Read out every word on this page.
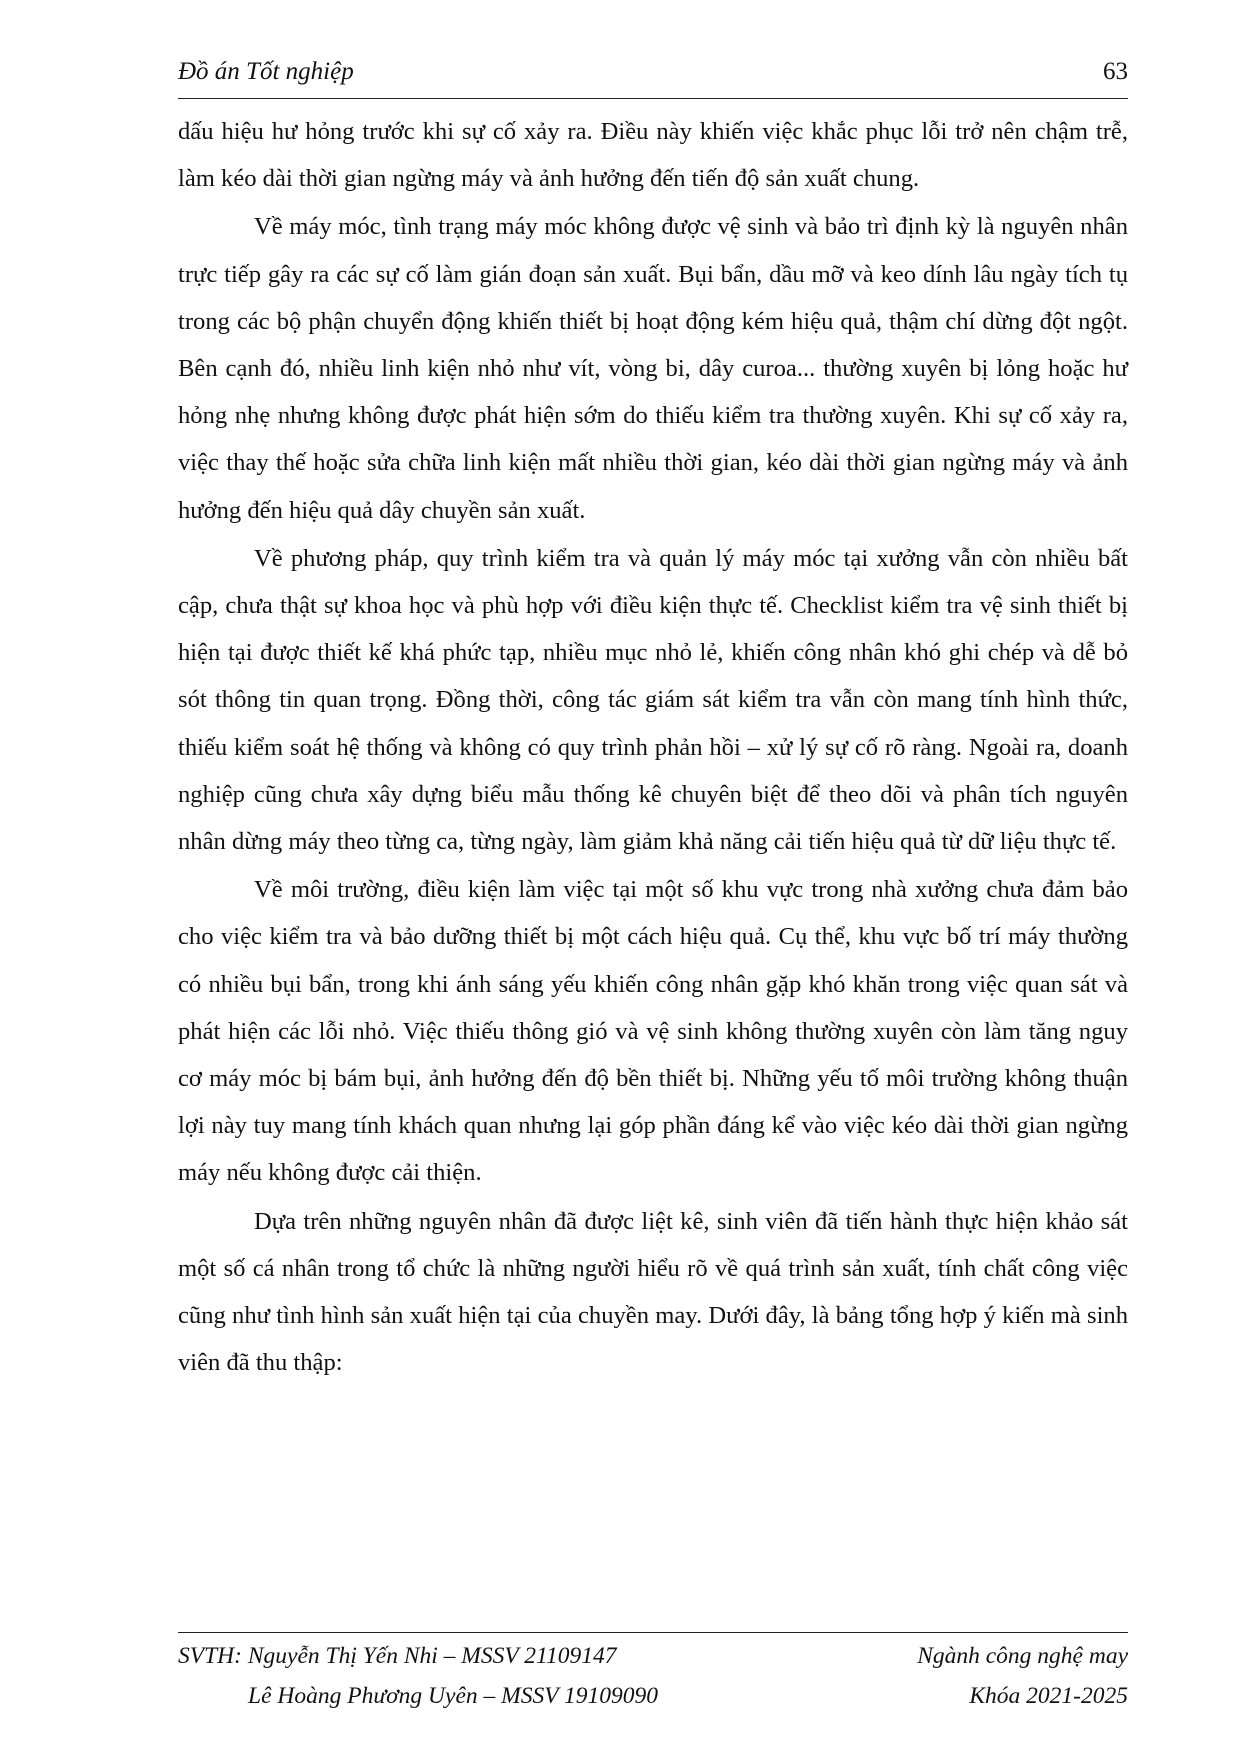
Đồ án Tốt nghiệp	63

dấu hiệu hư hỏng trước khi sự cố xảy ra. Điều này khiến việc khắc phục lỗi trở nên chậm trễ, làm kéo dài thời gian ngừng máy và ảnh hưởng đến tiến độ sản xuất chung.

Về máy móc, tình trạng máy móc không được vệ sinh và bảo trì định kỳ là nguyên nhân trực tiếp gây ra các sự cố làm gián đoạn sản xuất. Bụi bẩn, dầu mỡ và keo dính lâu ngày tích tụ trong các bộ phận chuyển động khiến thiết bị hoạt động kém hiệu quả, thậm chí dừng đột ngột. Bên cạnh đó, nhiều linh kiện nhỏ như vít, vòng bi, dây curoa... thường xuyên bị lỏng hoặc hư hỏng nhẹ nhưng không được phát hiện sớm do thiếu kiểm tra thường xuyên. Khi sự cố xảy ra, việc thay thế hoặc sửa chữa linh kiện mất nhiều thời gian, kéo dài thời gian ngừng máy và ảnh hưởng đến hiệu quả dây chuyền sản xuất.

Về phương pháp, quy trình kiểm tra và quản lý máy móc tại xưởng vẫn còn nhiều bất cập, chưa thật sự khoa học và phù hợp với điều kiện thực tế. Checklist kiểm tra vệ sinh thiết bị hiện tại được thiết kế khá phức tạp, nhiều mục nhỏ lẻ, khiến công nhân khó ghi chép và dễ bỏ sót thông tin quan trọng. Đồng thời, công tác giám sát kiểm tra vẫn còn mang tính hình thức, thiếu kiểm soát hệ thống và không có quy trình phản hồi – xử lý sự cố rõ ràng. Ngoài ra, doanh nghiệp cũng chưa xây dựng biểu mẫu thống kê chuyên biệt để theo dõi và phân tích nguyên nhân dừng máy theo từng ca, từng ngày, làm giảm khả năng cải tiến hiệu quả từ dữ liệu thực tế.

Về môi trường, điều kiện làm việc tại một số khu vực trong nhà xưởng chưa đảm bảo cho việc kiểm tra và bảo dưỡng thiết bị một cách hiệu quả. Cụ thể, khu vực bố trí máy thường có nhiều bụi bẩn, trong khi ánh sáng yếu khiến công nhân gặp khó khăn trong việc quan sát và phát hiện các lỗi nhỏ. Việc thiếu thông gió và vệ sinh không thường xuyên còn làm tăng nguy cơ máy móc bị bám bụi, ảnh hưởng đến độ bền thiết bị. Những yếu tố môi trường không thuận lợi này tuy mang tính khách quan nhưng lại góp phần đáng kể vào việc kéo dài thời gian ngừng máy nếu không được cải thiện.

Dựa trên những nguyên nhân đã được liệt kê, sinh viên đã tiến hành thực hiện khảo sát một số cá nhân trong tổ chức là những người hiểu rõ về quá trình sản xuất, tính chất công việc cũng như tình hình sản xuất hiện tại của chuyền may. Dưới đây, là bảng tổng hợp ý kiến mà sinh viên đã thu thập:

SVTH: Nguyễn Thị Yến Nhi – MSSV 21109147
Lê Hoàng Phương Uyên – MSSV 19109090
Ngành công nghệ may
Khóa 2021-2025
